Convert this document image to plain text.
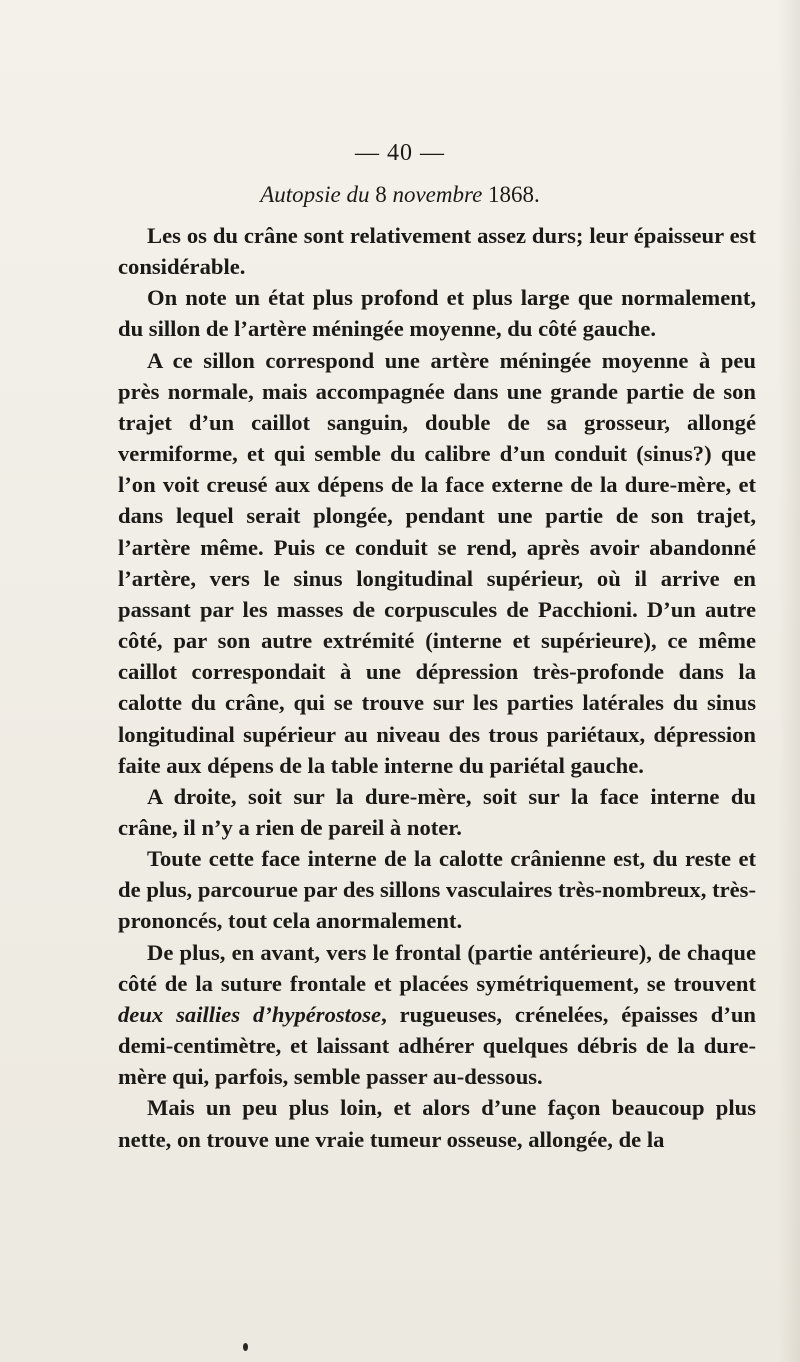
— 40 —
Autopsie du 8 novembre 1868.

Les os du crâne sont relativement assez durs; leur épaisseur est considérable.

On note un état plus profond et plus large que normalement, du sillon de l’artère méningée moyenne, du côté gauche.

A ce sillon correspond une artère méningée moyenne à peu près normale, mais accompagnée dans une grande partie de son trajet d’un caillot sanguin, double de sa grosseur, allongé vermiforme, et qui semble du calibre d’un conduit (sinus?) que l’on voit creusé aux dépens de la face externe de la dure-mère, et dans lequel serait plongée, pendant une partie de son trajet, l’artère même. Puis ce conduit se rend, après avoir abandonné l’artère, vers le sinus longitudinal supérieur, où il arrive en passant par les masses de corpuscules de Pacchioni. D’un autre côté, par son autre extrémité (interne et supérieure), ce même caillot correspondait à une dépression très-profonde dans la calotte du crâne, qui se trouve sur les parties latérales du sinus longitudinal supérieur au niveau des trous pariétaux, dépression faite aux dépens de la table interne du pariétal gauche.

A droite, soit sur la dure-mère, soit sur la face interne du crâne, il n’y a rien de pareil à noter.

Toute cette face interne de la calotte crânienne est, du reste et de plus, parcourue par des sillons vasculaires très-nombreux, très-prononcés, tout cela anormalement.

De plus, en avant, vers le frontal (partie antérieure), de chaque côté de la suture frontale et placées symétriquement, se trouvent deux saillies d’hypérostose, rugueuses, crénelées, épaisses d’un demi-centimètre, et laissant adhérer quelques débris de la dure-mère qui, parfois, semble passer au-dessous.

Mais un peu plus loin, et alors d’une façon beaucoup plus nette, on trouve une vraie tumeur osseuse, allongée, de la
